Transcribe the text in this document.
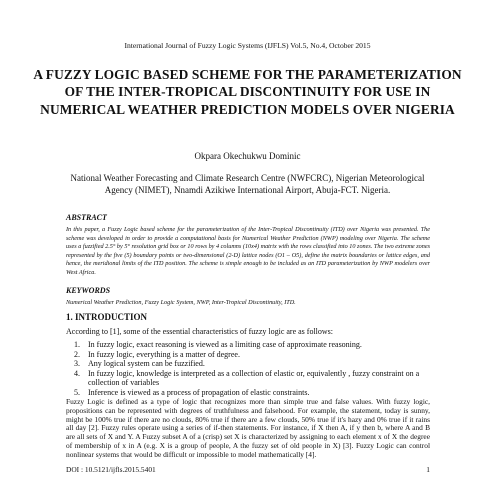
International Journal of Fuzzy Logic Systems (IJFLS) Vol.5, No.4, October 2015
A FUZZY LOGIC BASED SCHEME FOR THE PARAMETERIZATION OF THE INTER-TROPICAL DISCONTINUITY FOR USE IN NUMERICAL WEATHER PREDICTION MODELS OVER NIGERIA
Okpara Okechukwu Dominic
National Weather Forecasting and Climate Research Centre (NWFCRC), Nigerian Meteorological Agency (NIMET), Nnamdi Azikiwe International Airport, Abuja-FCT. Nigeria.
ABSTRACT
In this paper, a Fuzzy Logic based scheme for the parameterization of the Inter-Tropical Discontinuity (ITD) over Nigeria was presented. The scheme was developed in order to provide a computational basis for Numerical Weather Prediction (NWP) modeling over Nigeria. The scheme uses a fuzzified 2.5° by 5° resolution grid box or 10 rows by 4 columns (10x4) matrix with the rows classified into 10 zones. The two extreme zones represented by the five (5) boundary points or two-dimensional (2-D) lattice nodes (O1 – O5), define the matrix boundaries or lattice edges, and hence, the meridional limits of the ITD position. The scheme is simple enough to be included as an ITD parameterization by NWP modelers over West Africa.
KEYWORDS
Numerical Weather Prediction, Fuzzy Logic System, NWP, Inter-Tropical Discontinuity, ITD.
1. INTRODUCTION
According to [1], some of the essential characteristics of fuzzy logic are as follows:
1. In fuzzy logic, exact reasoning is viewed as a limiting case of approximate reasoning.
2. In fuzzy logic, everything is a matter of degree.
3. Any logical system can be fuzzified.
4. In fuzzy logic, knowledge is interpreted as a collection of elastic or, equivalently , fuzzy constraint on a collection of variables
5. Inference is viewed as a process of propagation of elastic constraints.
Fuzzy Logic is defined as a type of logic that recognizes more than simple true and false values. With fuzzy logic, propositions can be represented with degrees of truthfulness and falsehood. For example, the statement, today is sunny, might be 100% true if there are no clouds, 80% true if there are a few clouds, 50% true if it's hazy and 0% true if it rains all day [2]. Fuzzy rules operate using a series of if-then statements. For instance, if X then A, if y then b, where A and B are all sets of X and Y. A Fuzzy subset A of a (crisp) set X is characterized by assigning to each element x of X the degree of membership of x in A (e.g. X is a group of people, A the fuzzy set of old people in X) [3]. Fuzzy Logic can control nonlinear systems that would be difficult or impossible to model mathematically [4].
DOI : 10.5121/ijfls.2015.5401	1
